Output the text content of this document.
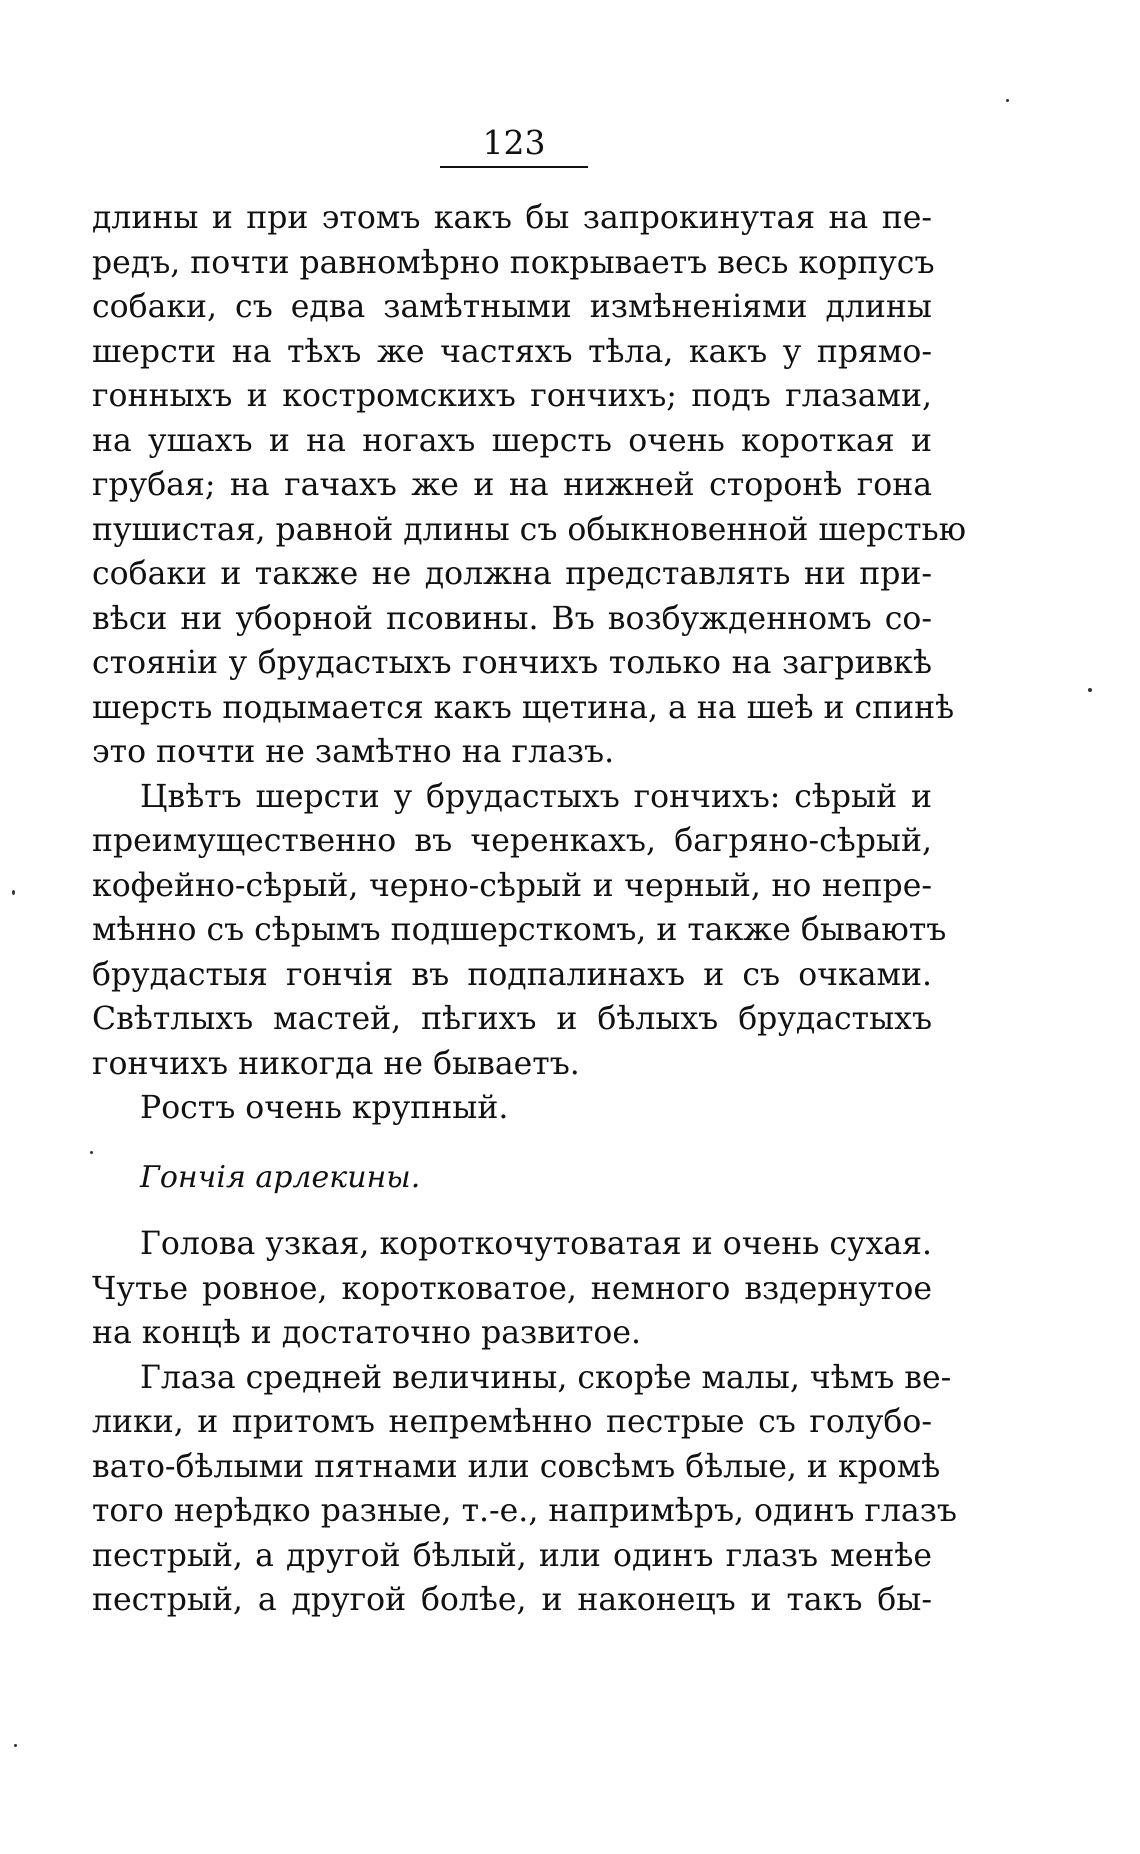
123
длины и при этомъ какъ бы запрокинутая на пе-
редъ, почти равномѣрно покрываетъ весь корпусъ
собаки, съ едва замѣтными измѣненіями длины
шерсти на тѣхъ же частяхъ тѣла, какъ у прямо-
гонныхъ и костромскихъ гончихъ; подъ глазами,
на ушахъ и на ногахъ шерсть очень короткая и
грубая; на гачахъ же и на нижней сторонѣ гона
пушистая, равной длины съ обыкновенной шерстью
собаки и также не должна представлять ни при-
вѣси ни уборной псовины. Въ возбужденномъ со-
стояніи у брудастыхъ гончихъ только на загривкѣ
шерсть подымается какъ щетина, а на шеѣ и спинѣ
это почти не замѣтно на глазъ.
Цвѣтъ шерсти у брудастыхъ гончихъ: сѣрый и
преимущественно въ черенкахъ, багряно-сѣрый,
кофейно-сѣрый, черно-сѣрый и черный, но непре-
мѣнно съ сѣрымъ подшерсткомъ, и также бываютъ
брудастыя гончія въ подпалинахъ и съ очками.
Свѣтлыхъ мастей, пѣгихъ и бѣлыхъ брудастыхъ
гончихъ никогда не бываетъ.
Ростъ очень крупный.
Гончія арлекины.
Голова узкая, короткочутоватая и очень сухая.
Чутье ровное, коротковатое, немного вздернутое
на концѣ и достаточно развитое.
Глаза средней величины, скорѣе малы, чѣмъ ве-
лики, и притомъ непремѣнно пестрые съ голубо-
вато-бѣлыми пятнами или совсѣмъ бѣлые, и кромѣ
того нерѣдко разные, т.-е., напримѣръ, одинъ глазъ
пестрый, а другой бѣлый, или одинъ глазъ менѣе
пестрый, а другой болѣе, и наконецъ и такъ бы-
